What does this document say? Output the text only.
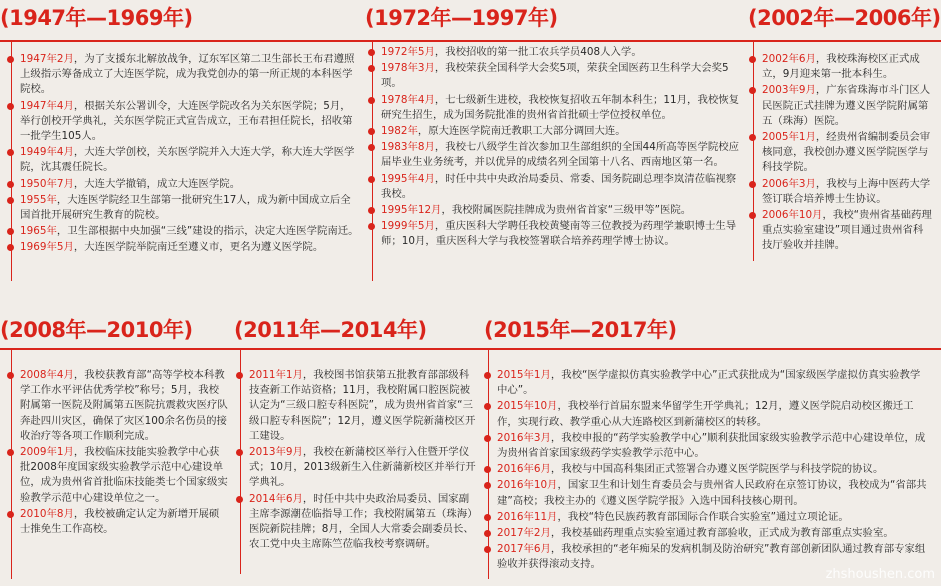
(1947年—1969年)	(1972年—1997年)	(2002年—2006年)
(2008年—2010年) (2011年—2014年)	(2015年—2017年)
1947年2月，为了支援东北解放战争，辽东军区第二卫生部长王布君遵照上级指示筹备成立了大连医学院，成为我党创办的第一所正规的本科医学院校。
1947年4月，根据关东公署训令，大连医学院改名为关东医学院；5月，举行创校开学典礼，关东医学院正式宣告成立，王布君担任院长，招收第一批学生105人。
1949年4月，大连大学创校，关东医学院并入大连大学，称大连大学医学院，沈其震任院长。
1950年7月，大连大学撤销，成立大连医学院。
1955年，大连医学院经卫生部第一批研究生17人，成为新中国成立后全国首批开展研究生教育的院校。
1965年，卫生部根据中央加强“三线”建设的指示，决定大连医学院南迁。
1969年5月，大连医学院举院南迁至遵义市，更名为遵义医学院。
1972年5月，我校招收的第一批工农兵学员408人入学。
1978年3月，我校荣获全国科学大会奖5项，荣获全国医药卫生科学大会奖5项。
1978年4月，七七级新生进校，我校恢复招收五年制本科生；11月，我校恢复研究生招生，成为国务院批准的贵州省首批硕士学位授权单位。
1982年，原大连医学院南迁教职工大部分调回大连。
1983年8月，我校七八级学生首次参加卫生部组织的全国44所高等医学院校应届毕业生业务统考，并以优异的成绩名列全国第十八名、西南地区第一名。
1995年4月，时任中共中央政治局委员、常委、国务院副总理李岚清莅临视察我校。
1995年12月，我校附属医院挂牌成为贵州省首家“三级甲等”医院。
1999年5月，重庆医科大学聘任我校黄燮南等三位教授为药理学兼职博士生导师；10月，重庆医科大学与我校签署联合培养药理学博士协议。
2002年6月，我校珠海校区正式成立，9月迎来第一批本科生。
2003年9月，广东省珠海市斗门区人民医院正式挂牌为遵义医学院附属第五（珠海）医院。
2005年1月，经贵州省编制委员会审核同意，我校创办遵义医学院医学与科技学院。
2006年3月，我校与上海中医药大学签订联合培养博士生协议。
2006年10月，我校“贵州省基础药理重点实验室建设”项目通过贵州省科技厅验收并挂牌。
2008年4月，我校获教育部“高等学校本科教学工作水平评估优秀学校”称号；5月，我校附属第一医院及附属第五医院抗震救灾医疗队奔赴四川灾区，确保了灾区100余名伤员的接收治疗等各项工作顺利完成。
2009年1月，我校临床技能实验教学中心获批2008年度国家级实验教学示范中心建设单位，成为贵州省首批临床技能类七个国家级实验教学示范中心建设单位之一。
2010年8月，我校被确定认定为新增开展硕士推免生工作高校。
2011年1月，我校图书馆获第五批教育部部级科技查新工作站资格；11月，我校附属口腔医院被认定为“三级口腔专科医院”，成为贵州省首家“三级口腔专科医院”；12月，遵义医学院新蒲校区开工建设。
2013年9月，我校在新蒲校区举行入住暨开学仪式；10月，2013级新生入住新蒲新校区并举行开学典礼。
2014年6月，时任中共中央政治局委员、国家副主席李源潮莅临指导工作；我校附属第五（珠海）医院新院挂牌；8月，全国人大常委会副委员长、农工党中央主席陈竺莅临我校考察调研。
2015年1月，我校“医学虚拟仿真实验教学中心”正式获批成为“国家级医学虚拟仿真实验教学中心”。
2015年10月，我校举行首届东盟来华留学生开学典礼；12月，遵义医学院启动校区搬迁工作，实现行政、教学重心从大连路校区到新蒲校区的转移。
2016年3月，我校申报的“药学实验教学中心”顺利获批国家级实验教学示范中心建设单位，成为贵州省首家国家级药学实验教学示范中心。
2016年6月，我校与中国高科集团正式签署合办遵义医学院医学与科技学院的协议。
2016年10月，国家卫生和计划生育委员会与贵州省人民政府在京签订协议，我校成为“省部共建”高校；我校主办的《遵义医学院学报》入选中国科技核心期刊。
2016年11月，我校“特色民族药教育部国际合作联合实验室”通过立项论证。
2017年2月，我校基础药理重点实验室通过教育部验收，正式成为教育部重点实验室。
2017年6月，我校承担的“老年痴呆的发病机制及防治研究”教育部创新团队通过教育部专家组验收并获得滚动支持。
zhsho‍ushen.com
